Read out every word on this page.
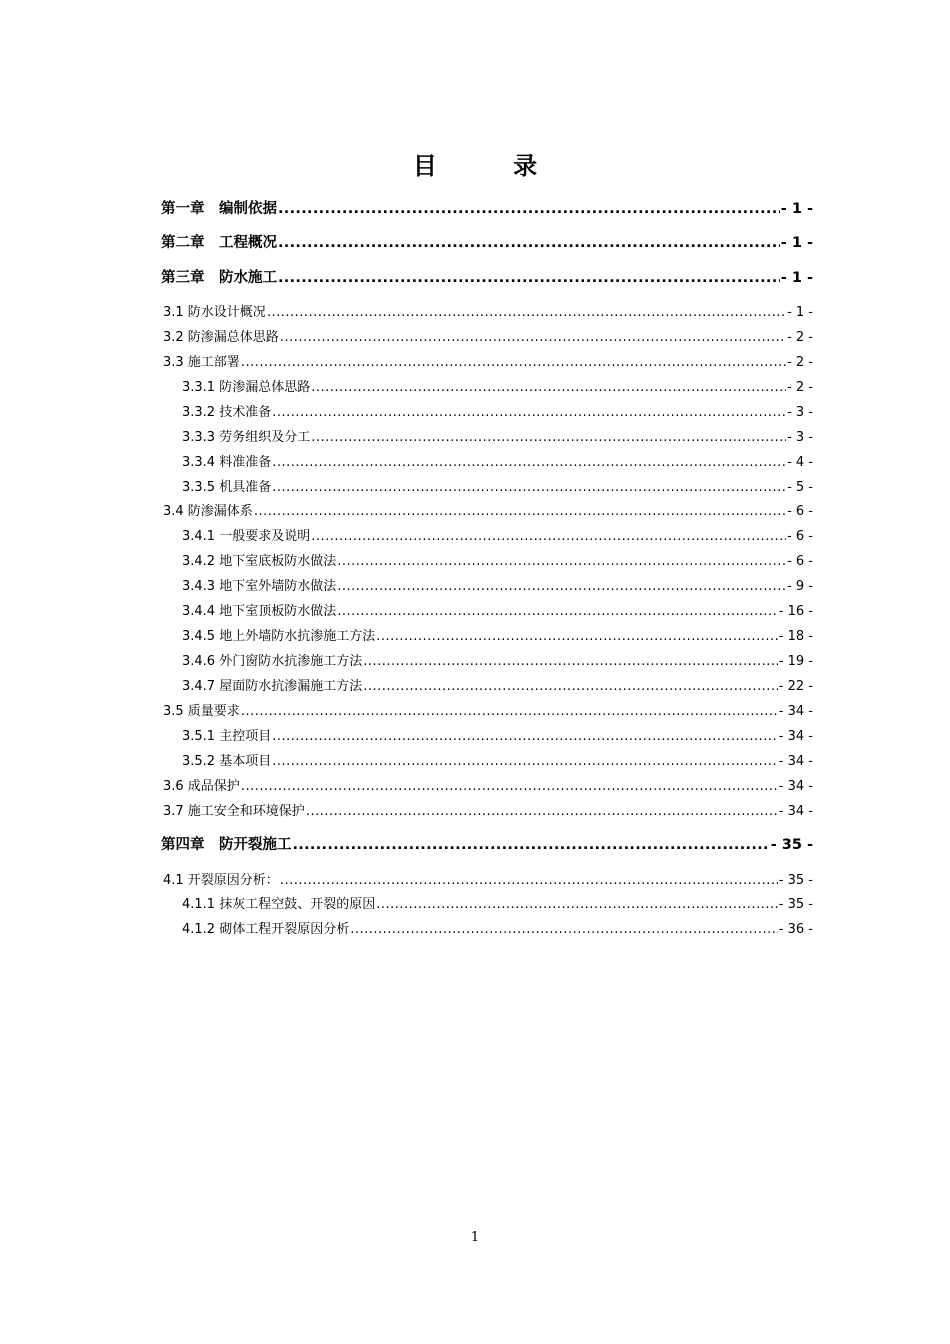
目 录
第一章　编制依据 .....	- 1 -
第二章　工程概况 .....	- 1 -
第三章　防水施工 .....	- 1 -
3.1 防水设计概况 .....	- 1 -
3.2 防渗漏总体思路 .....	- 2 -
3.3 施工部署 .....	- 2 -
3.3.1 防渗漏总体思路 .....	- 2 -
3.3.2 技术准备 .....	- 3 -
3.3.3 劳务组织及分工 .....	- 3 -
3.3.4 料准准备 .....	- 4 -
3.3.5 机具准备 .....	- 5 -
3.4 防渗漏体系 .....	- 6 -
3.4.1 一般要求及说明 .....	- 6 -
3.4.2 地下室底板防水做法 .....	- 6 -
3.4.3 地下室外墙防水做法 .....	- 9 -
3.4.4 地下室顶板防水做法 .....	- 16 -
3.4.5 地上外墙防水抗渗施工方法 .....	- 18 -
3.4.6 外门窗防水抗渗施工方法 .....	- 19 -
3.4.7 屋面防水抗渗漏施工方法 .....	- 22 -
3.5 质量要求 .....	- 34 -
3.5.1 主控项目 .....	- 34 -
3.5.2 基本项目 .....	- 34 -
3.6 成品保护 .....	- 34 -
3.7 施工安全和环境保护 .....	- 34 -
第四章　防开裂施工 .....	- 35 -
4.1 开裂原因分析： .....	- 35 -
4.1.1 抹灰工程空鼓、开裂的原因 .....	- 35 -
4.1.2 砌体工程开裂原因分析 .....	- 36 -
1
